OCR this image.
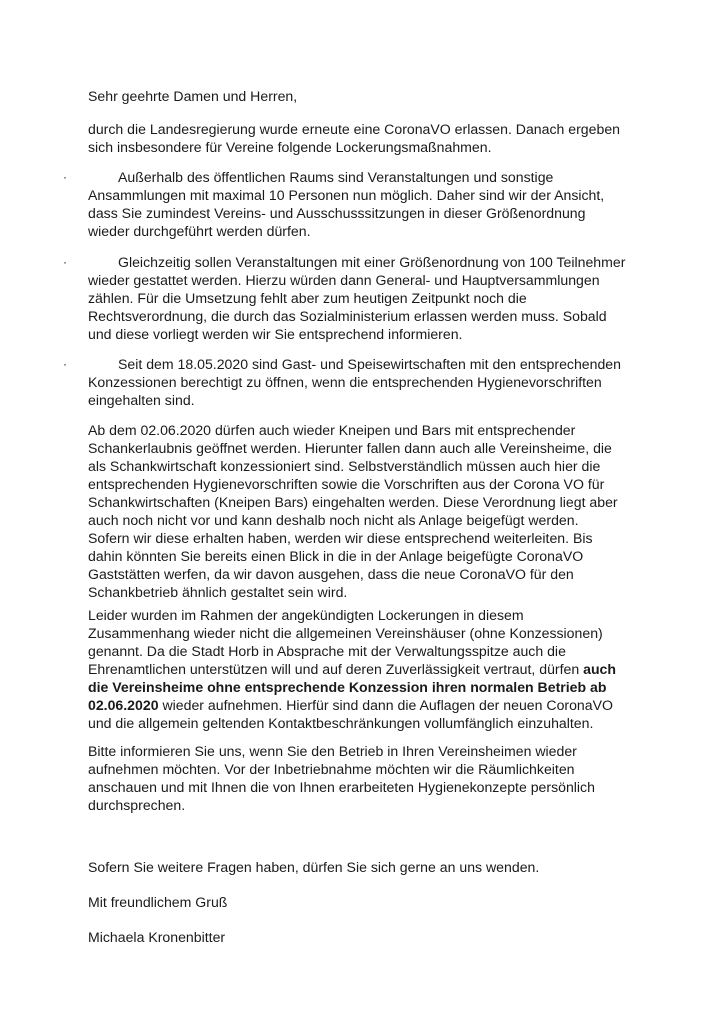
Sehr geehrte Damen und Herren,

durch die Landesregierung wurde erneute eine CoronaVO erlassen. Danach ergeben
sich insbesondere für Vereine folgende Lockerungsmaßnahmen.

·	Außerhalb des öffentlichen Raums sind Veranstaltungen und sonstige
Ansammlungen mit maximal 10 Personen nun möglich. Daher sind wir der Ansicht,
dass Sie zumindest Vereins- und Ausschusssitzungen in dieser Größenordnung
wieder durchgeführt werden dürfen.
·	Gleichzeitig sollen Veranstaltungen mit einer Größenordnung von 100 Teilnehmer
wieder gestattet werden. Hierzu würden dann General- und Hauptversammlungen
zählen. Für die Umsetzung fehlt aber zum heutigen Zeitpunkt noch die
Rechtsverordnung, die durch das Sozialministerium erlassen werden muss. Sobald
und diese vorliegt werden wir Sie entsprechend informieren.
·	Seit dem 18.05.2020 sind Gast- und Speisewirtschaften mit den entsprechenden
Konzessionen berechtigt zu öffnen, wenn die entsprechenden Hygienevorschriften
eingehalten sind.

Ab dem 02.06.2020 dürfen auch wieder Kneipen und Bars mit entsprechender
Schankerlaubnis geöffnet werden. Hierunter fallen dann auch alle Vereinsheime, die
als Schankwirtschaft konzessioniert sind. Selbstverständlich müssen auch hier die
entsprechenden Hygienevorschriften sowie die Vorschriften aus der Corona VO für
Schankwirtschaften (Kneipen Bars) eingehalten werden. Diese Verordnung liegt aber
auch noch nicht vor und kann deshalb noch nicht als Anlage beigefügt werden.
Sofern wir diese erhalten haben, werden wir diese entsprechend weiterleiten. Bis
dahin könnten Sie bereits einen Blick in die in der Anlage beigefügte CoronaVO
Gaststätten werfen, da wir davon ausgehen, dass die neue CoronaVO für den
Schankbetrieb ähnlich gestaltet sein wird.

Leider wurden im Rahmen der angekündigten Lockerungen in diesem
Zusammenhang wieder nicht die allgemeinen Vereinshäuser (ohne Konzessionen)
genannt. Da die Stadt Horb in Absprache mit der Verwaltungsspitze auch die
Ehrenamtlichen unterstützen will und auf deren Zuverlässigkeit vertraut, dürfen auch
die Vereinsheime ohne entsprechende Konzession ihren normalen Betrieb ab
02.06.2020 wieder aufnehmen. Hierfür sind dann die Auflagen der neuen CoronaVO
und die allgemein geltenden Kontaktbeschränkungen vollumfänglich einzuhalten.

Bitte informieren Sie uns, wenn Sie den Betrieb in Ihren Vereinsheimen wieder
aufnehmen möchten. Vor der Inbetriebnahme möchten wir die Räumlichkeiten
anschauen und mit Ihnen die von Ihnen erarbeiteten Hygienekonzepte persönlich
durchsprechen.

Sofern Sie weitere Fragen haben, dürfen Sie sich gerne an uns wenden.

Mit freundlichem Gruß

Michaela Kronenbitter
